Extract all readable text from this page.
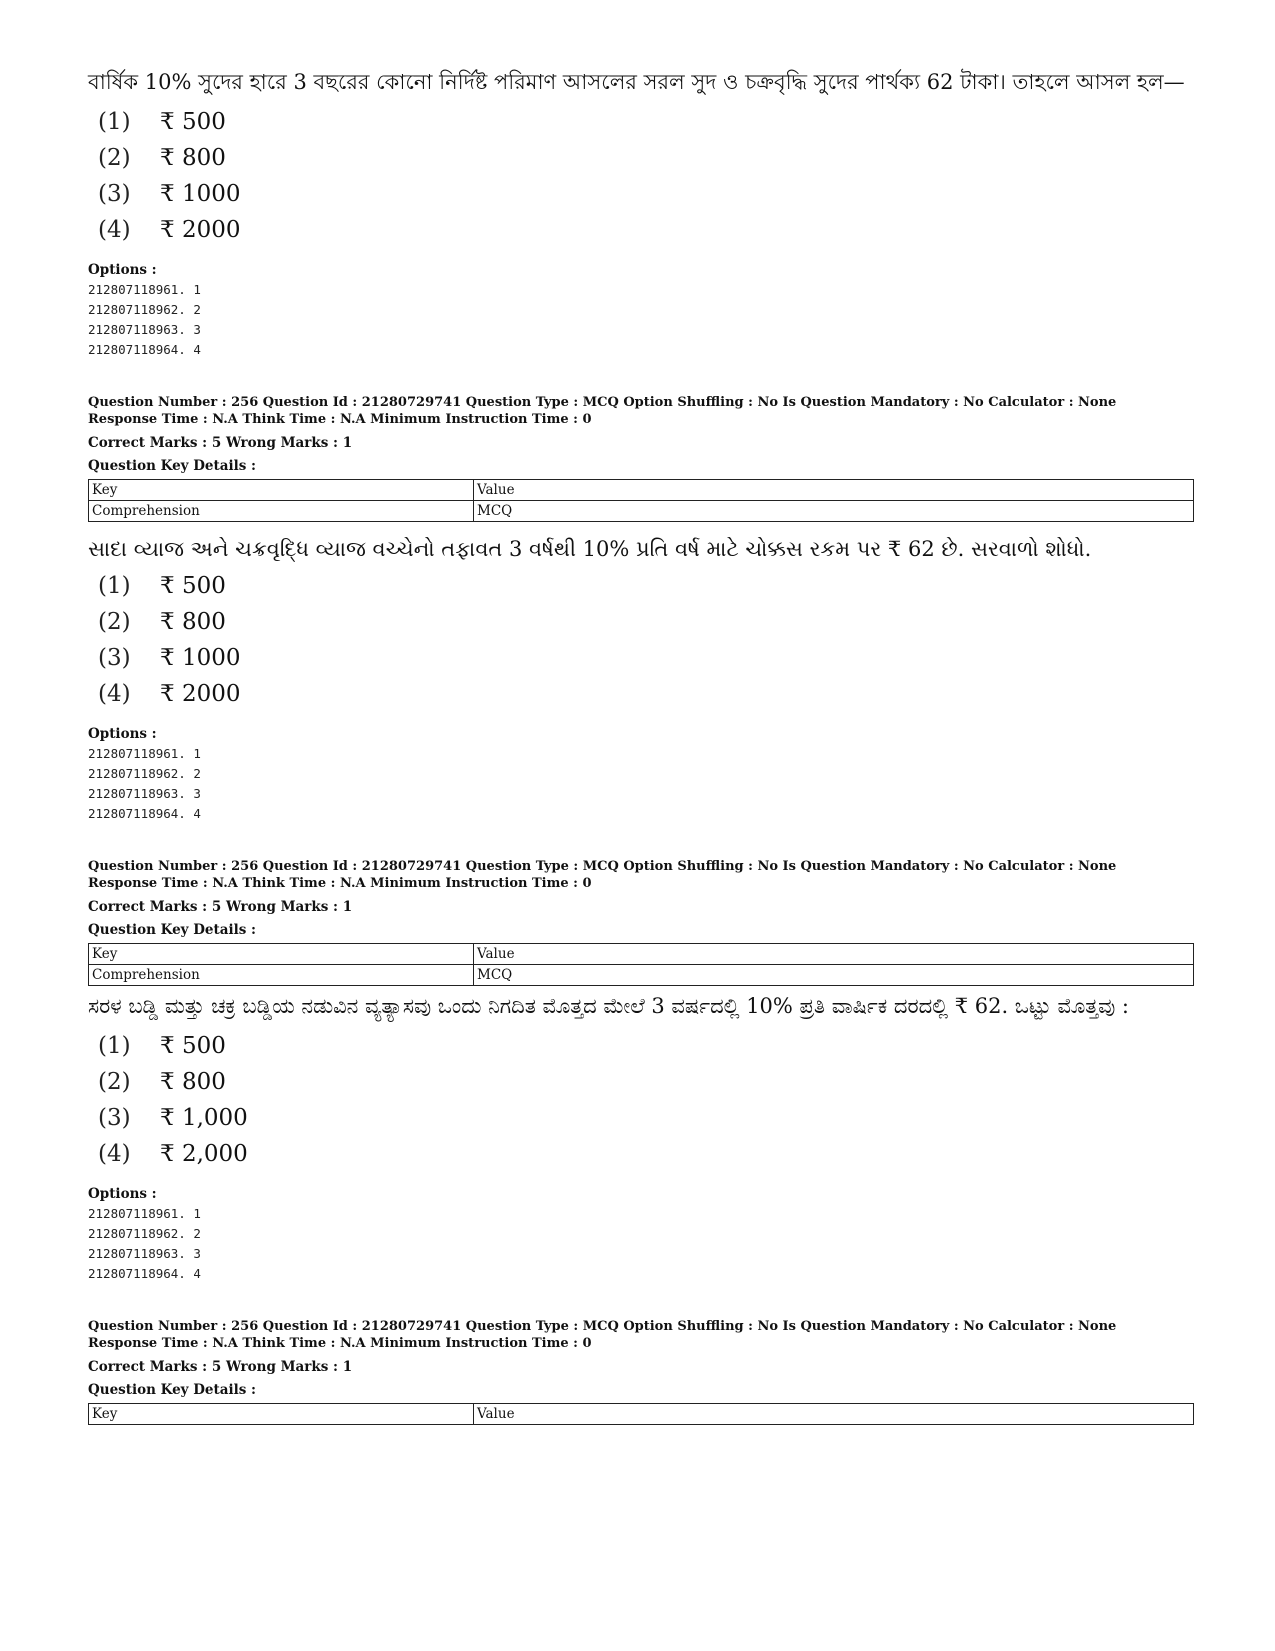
বার্ষিক 10% সুদের হারে 3 বছরের কোনো নির্দিষ্ট পরিমাণ আসলের সরল সুদ ও চক্রবৃদ্ধি সুদের পার্থক্য 62 টাকা। তাহলে আসল হল—

(1)	₹ 500
(2)	₹ 800
(3)	₹ 1000
(4)	₹ 2000
Options :
212807118961. 1
212807118962. 2
212807118963. 3
212807118964. 4
Question Number : 256 Question Id : 21280729741 Question Type : MCQ Option Shuffling : No Is Question Mandatory : No Calculator : None
Response Time : N.A Think Time : N.A Minimum Instruction Time : 0
Correct Marks : 5 Wrong Marks : 1
Question Key Details :
Key	Value
Comprehension	MCQ

સાદા વ્યાજ અને ચક્રવૃદ્ધિ વ્યાજ વચ્ચેનો તફાવત 3 વર્ષથી 10% પ્રતિ વર્ષ માટે ચોક્કસ રકમ પર ₹ 62 છે. સરવાળો શોધો.

(1)	₹ 500
(2)	₹ 800
(3)	₹ 1000
(4)	₹ 2000
Options :
212807118961. 1
212807118962. 2
212807118963. 3
212807118964. 4
Question Number : 256 Question Id : 21280729741 Question Type : MCQ Option Shuffling : No Is Question Mandatory : No Calculator : None
Response Time : N.A Think Time : N.A Minimum Instruction Time : 0
Correct Marks : 5 Wrong Marks : 1
Question Key Details :
Key	Value
Comprehension	MCQ

ಸರಳ ಬಡ್ಡಿ ಮತ್ತು ಚಕ್ರ ಬಡ್ಡಿಯ ನಡುವಿನ ವ್ಯತ್ಯಾಸವು ಒಂದು ನಿಗದಿತ ಮೊತ್ತದ ಮೇಲೆ 3 ವರ್ಷದಲ್ಲಿ 10% ಪ್ರತಿ ವಾರ್ಷಿಕ ದರದಲ್ಲಿ ₹ 62. ಒಟ್ಟು ಮೊತ್ತವು :

(1)	₹ 500
(2)	₹ 800
(3)	₹ 1,000
(4)	₹ 2,000
Options :
212807118961. 1
212807118962. 2
212807118963. 3
212807118964. 4
Question Number : 256 Question Id : 21280729741 Question Type : MCQ Option Shuffling : No Is Question Mandatory : No Calculator : None
Response Time : N.A Think Time : N.A Minimum Instruction Time : 0
Correct Marks : 5 Wrong Marks : 1
Question Key Details :
Key	Value
